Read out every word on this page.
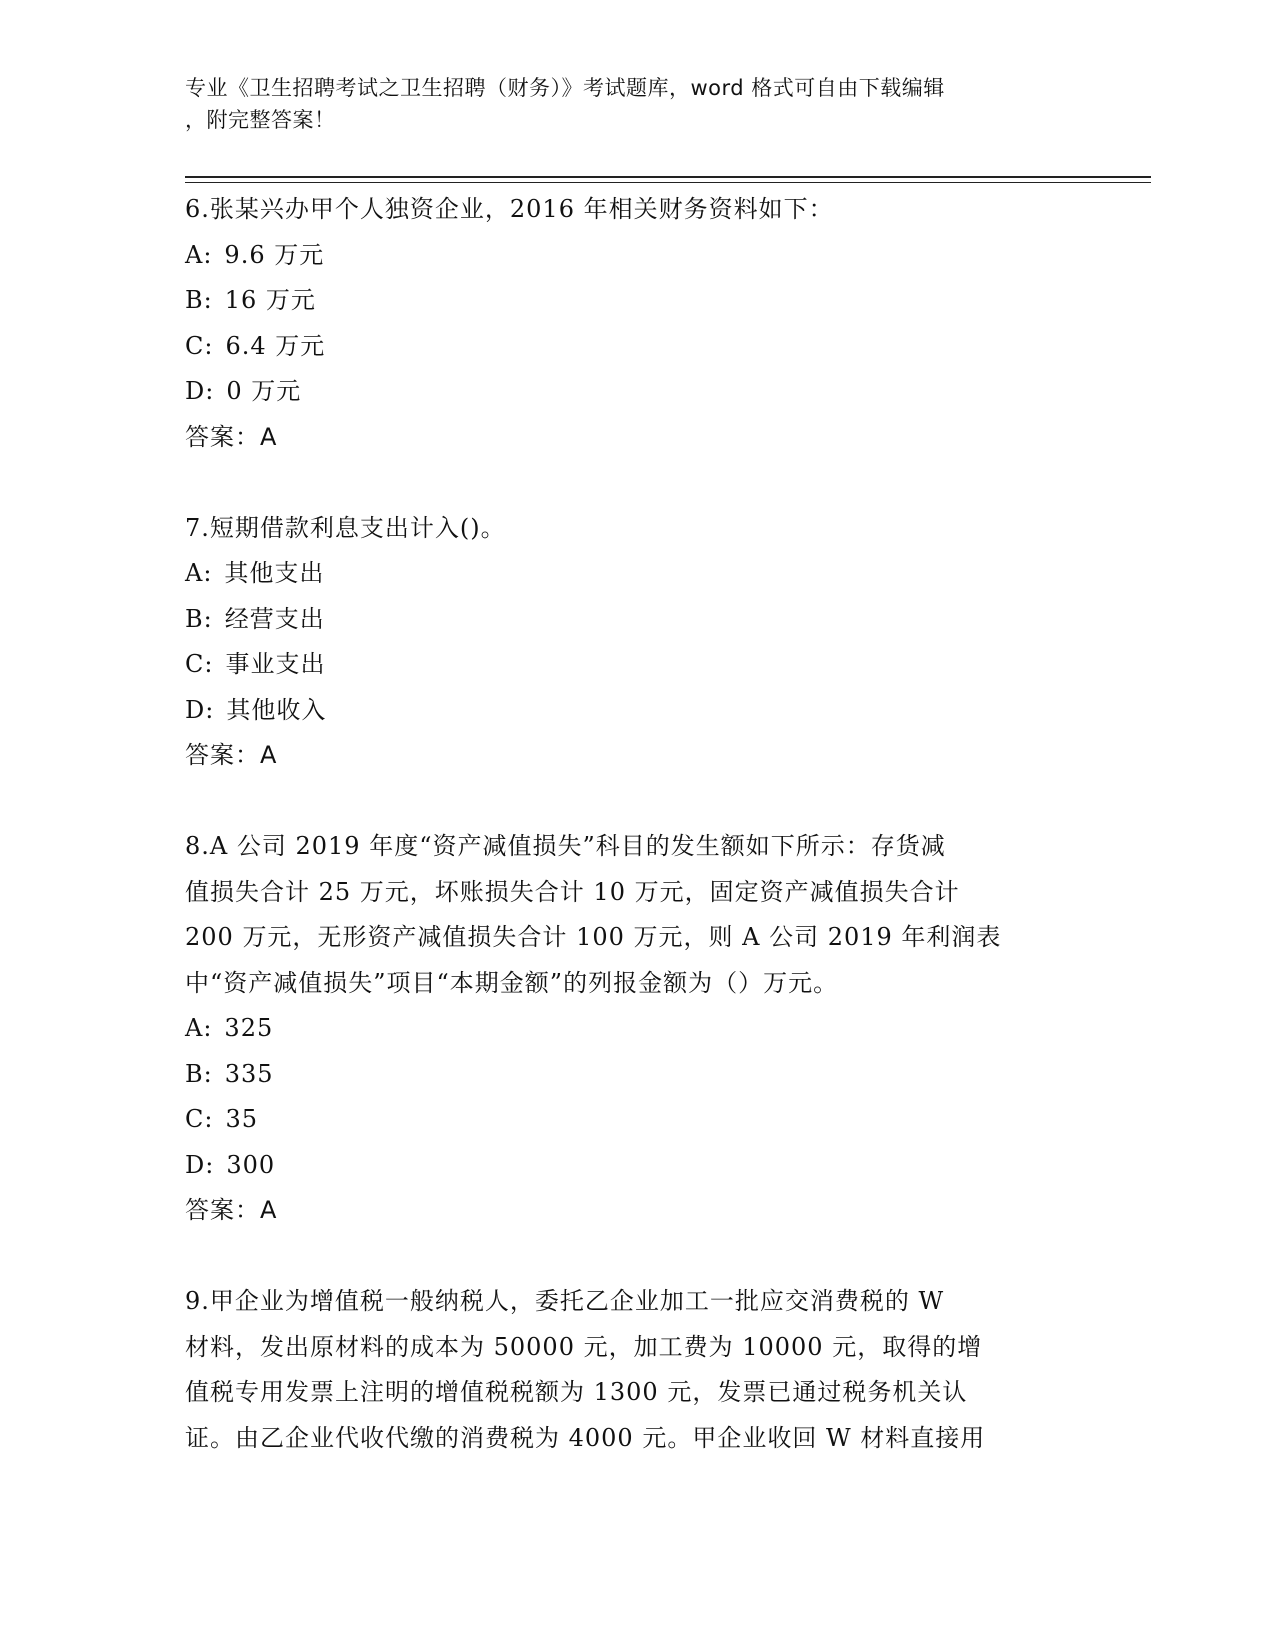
专业《卫生招聘考试之卫生招聘（财务）》考试题库，word 格式可自由下载编辑
，附完整答案！
6.张某兴办甲个人独资企业，2016 年相关财务资料如下：
A: 9.6 万元
B: 16 万元
C: 6.4 万元
D: 0 万元
答案：A
7.短期借款利息支出计入()。
A: 其他支出
B: 经营支出
C: 事业支出
D: 其他收入
答案：A
8.A 公司 2019 年度“资产减值损失”科目的发生额如下所示：存货减
值损失合计 25 万元，坏账损失合计 10 万元，固定资产减值损失合计
200 万元，无形资产减值损失合计 100 万元，则 A 公司 2019 年利润表
中“资产减值损失”项目“本期金额”的列报金额为（）万元。
A: 325
B: 335
C: 35
D: 300
答案：A
9.甲企业为增值税一般纳税人，委托乙企业加工一批应交消费税的 W
材料，发出原材料的成本为 50000 元，加工费为 10000 元，取得的增
值税专用发票上注明的增值税税额为 1300 元，发票已通过税务机关认
证。由乙企业代收代缴的消费税为 4000 元。甲企业收回 W 材料直接用
